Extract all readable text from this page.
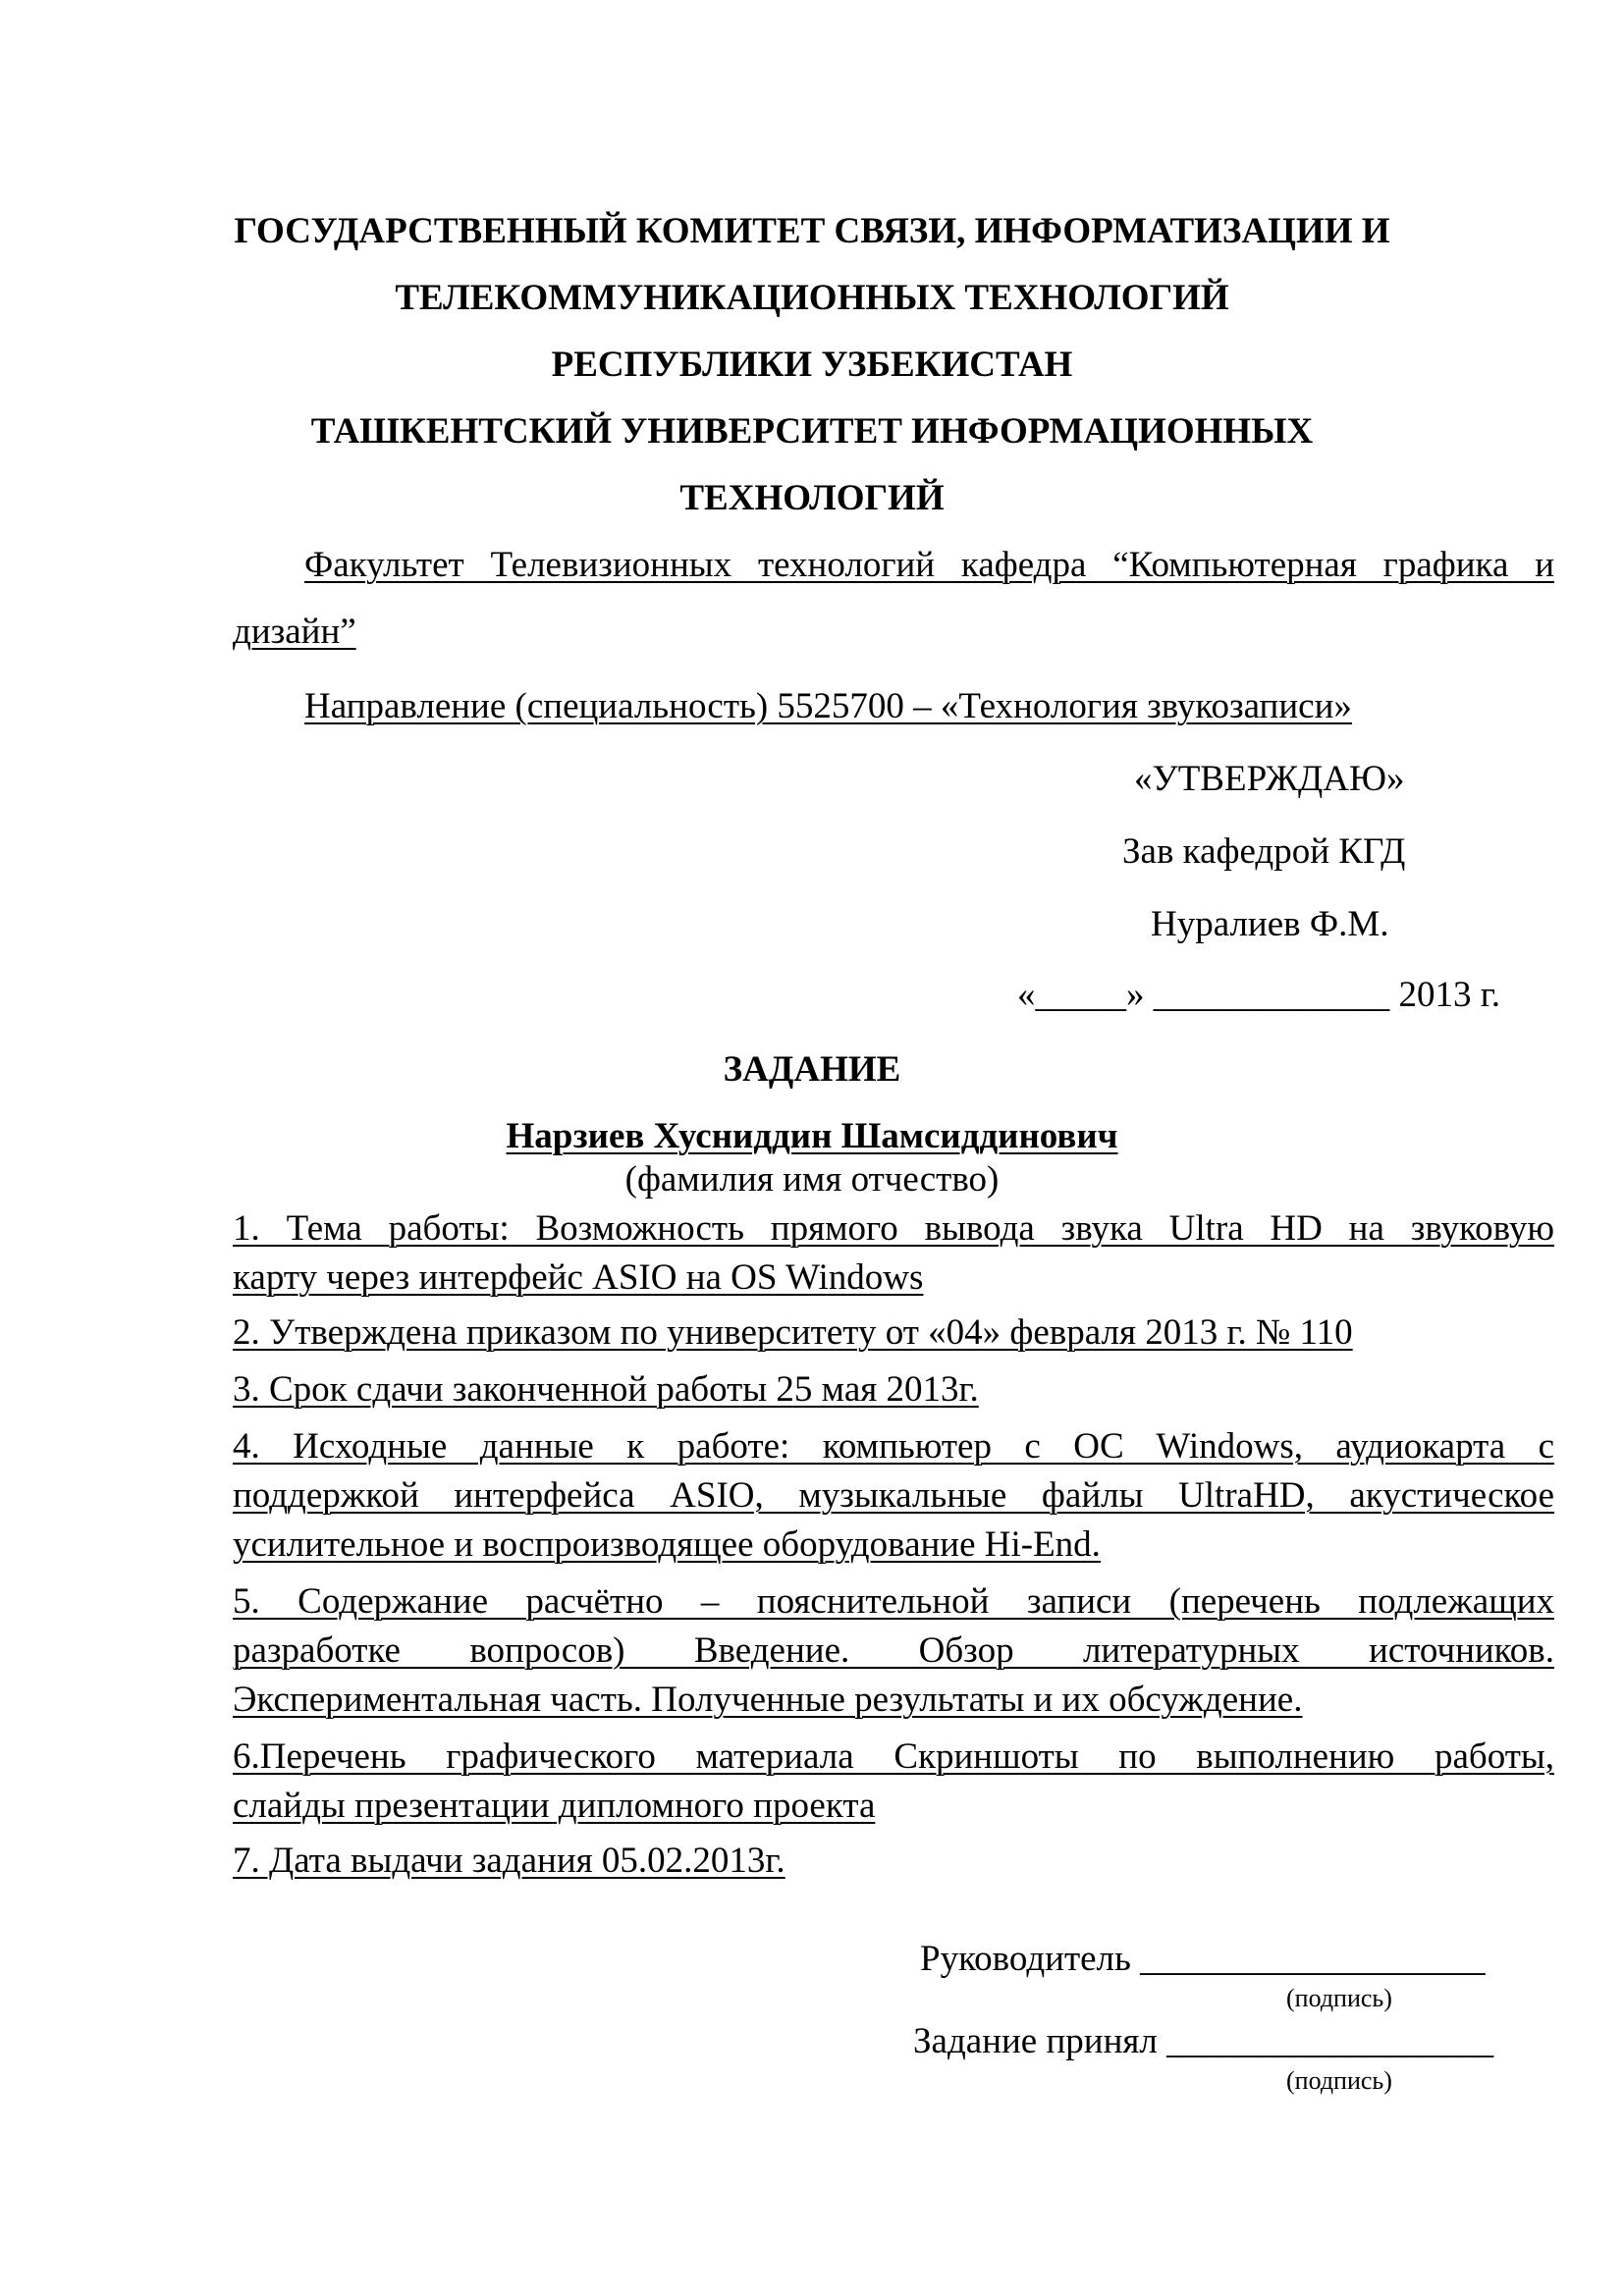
ГОСУДАРСТВЕННЫЙ КОМИТЕТ СВЯЗИ, ИНФОРМАТИЗАЦИИ И
ТЕЛЕКОММУНИКАЦИОННЫХ ТЕХНОЛОГИЙ
РЕСПУБЛИКИ УЗБЕКИСТАН
ТАШКЕНТСКИЙ УНИВЕРСИТЕТ ИНФОРМАЦИОННЫХ
ТЕХНОЛОГИЙ
Факультет Телевизионных технологий кафедра “Компьютерная графика и
дизайн”
Направление (специальность) 5525700 – «Технология звукозаписи»
«УТВЕРЖДАЮ»
Зав кафедрой КГД
Нуралиев Ф.М.
«_____» _____________ 2013 г.
ЗАДАНИЕ
Нарзиев Хусниддин Шамсиддинович
(фамилия имя отчество)
1. Тема работы: Возможность прямого вывода звука Ultra HD на звуковую
карту через интерфейс ASIO на OS Windows
2. Утверждена приказом по университету от «04» февраля 2013 г. № 110
3. Срок сдачи законченной работы 25 мая 2013г.
4. Исходные данные к работе: компьютер с OC Windows, аудиокарта с
поддержкой интерфейса ASIO, музыкальные файлы UltraHD, акустическое
усилительное и воспроизводящее оборудование Hi-End.
5. Содержание расчётно – пояснительной записи (перечень подлежащих
разработке вопросов) Введение. Обзор литературных источников.
Экспериментальная часть. Полученные результаты и их обсуждение.
6.Перечень графического материала Скриншоты по выполнению работы,
слайды презентации дипломного проекта
7. Дата выдачи задания 05.02.2013г.
Руководитель ___________________
(подпись)
Задание принял __________________
(подпись)
